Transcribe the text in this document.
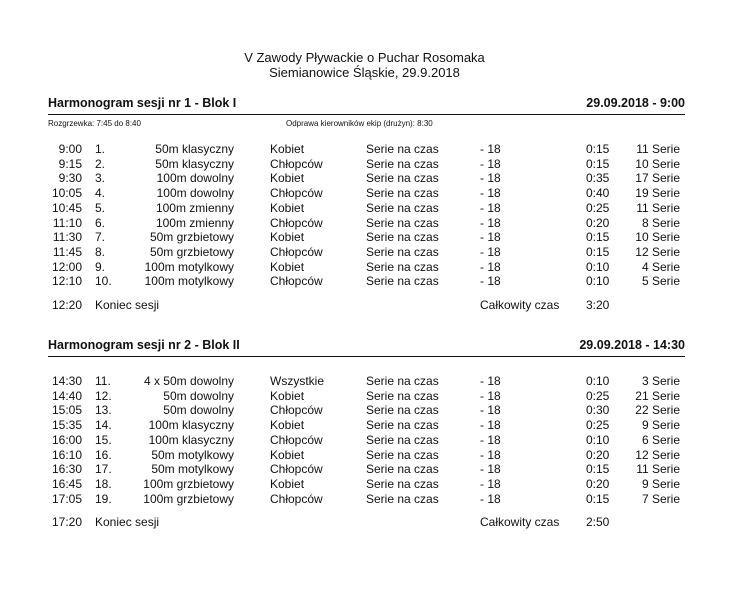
V Zawody Pływackie o Puchar Rosomaka
Siemianowice Śląskie, 29.9.2018
Harmonogram sesji nr 1 - Blok I	29.09.2018 - 9:00
Rozgrzewka: 7:45 do 8:40	Odprawa kierowników ekip (drużyn): 8:30
9:00 1.	50m klasyczny	Kobiet	Serie na czas	- 18	0:15	11 Serie
9:15 2.	50m klasyczny	Chłopców	Serie na czas	- 18	0:15	10 Serie
9:30 3.	100m dowolny	Kobiet	Serie na czas	- 18	0:35	17 Serie
10:05 4.	100m dowolny	Chłopców	Serie na czas	- 18	0:40	19 Serie
10:45 5.	100m zmienny	Kobiet	Serie na czas	- 18	0:25	11 Serie
11:10 6.	100m zmienny	Chłopców	Serie na czas	- 18	0:20	8 Serie
11:30 7.	50m grzbietowy	Kobiet	Serie na czas	- 18	0:15	10 Serie
11:45 8.	50m grzbietowy	Chłopców	Serie na czas	- 18	0:15	12 Serie
12:00 9.	100m motylkowy	Kobiet	Serie na czas	- 18	0:10	4 Serie
12:10 10.	100m motylkowy	Chłopców	Serie na czas	- 18	0:10	5 Serie
12:20 Koniec sesji	Całkowity czas 3:20
Harmonogram sesji nr 2 - Blok II	29.09.2018 - 14:30
14:30 11.	4 x 50m dowolny	Wszystkie	Serie na czas	- 18	0:10	3 Serie
14:40 12.	50m dowolny	Kobiet	Serie na czas	- 18	0:25	21 Serie
15:05 13.	50m dowolny	Chłopców	Serie na czas	- 18	0:30	22 Serie
15:35 14.	100m klasyczny	Kobiet	Serie na czas	- 18	0:25	9 Serie
16:00 15.	100m klasyczny	Chłopców	Serie na czas	- 18	0:10	6 Serie
16:10 16.	50m motylkowy	Kobiet	Serie na czas	- 18	0:20	12 Serie
16:30 17.	50m motylkowy	Chłopców	Serie na czas	- 18	0:15	11 Serie
16:45 18.	100m grzbietowy	Kobiet	Serie na czas	- 18	0:20	9 Serie
17:05 19.	100m grzbietowy	Chłopców	Serie na czas	- 18	0:15	7 Serie
17:20 Koniec sesji	Całkowity czas 2:50
